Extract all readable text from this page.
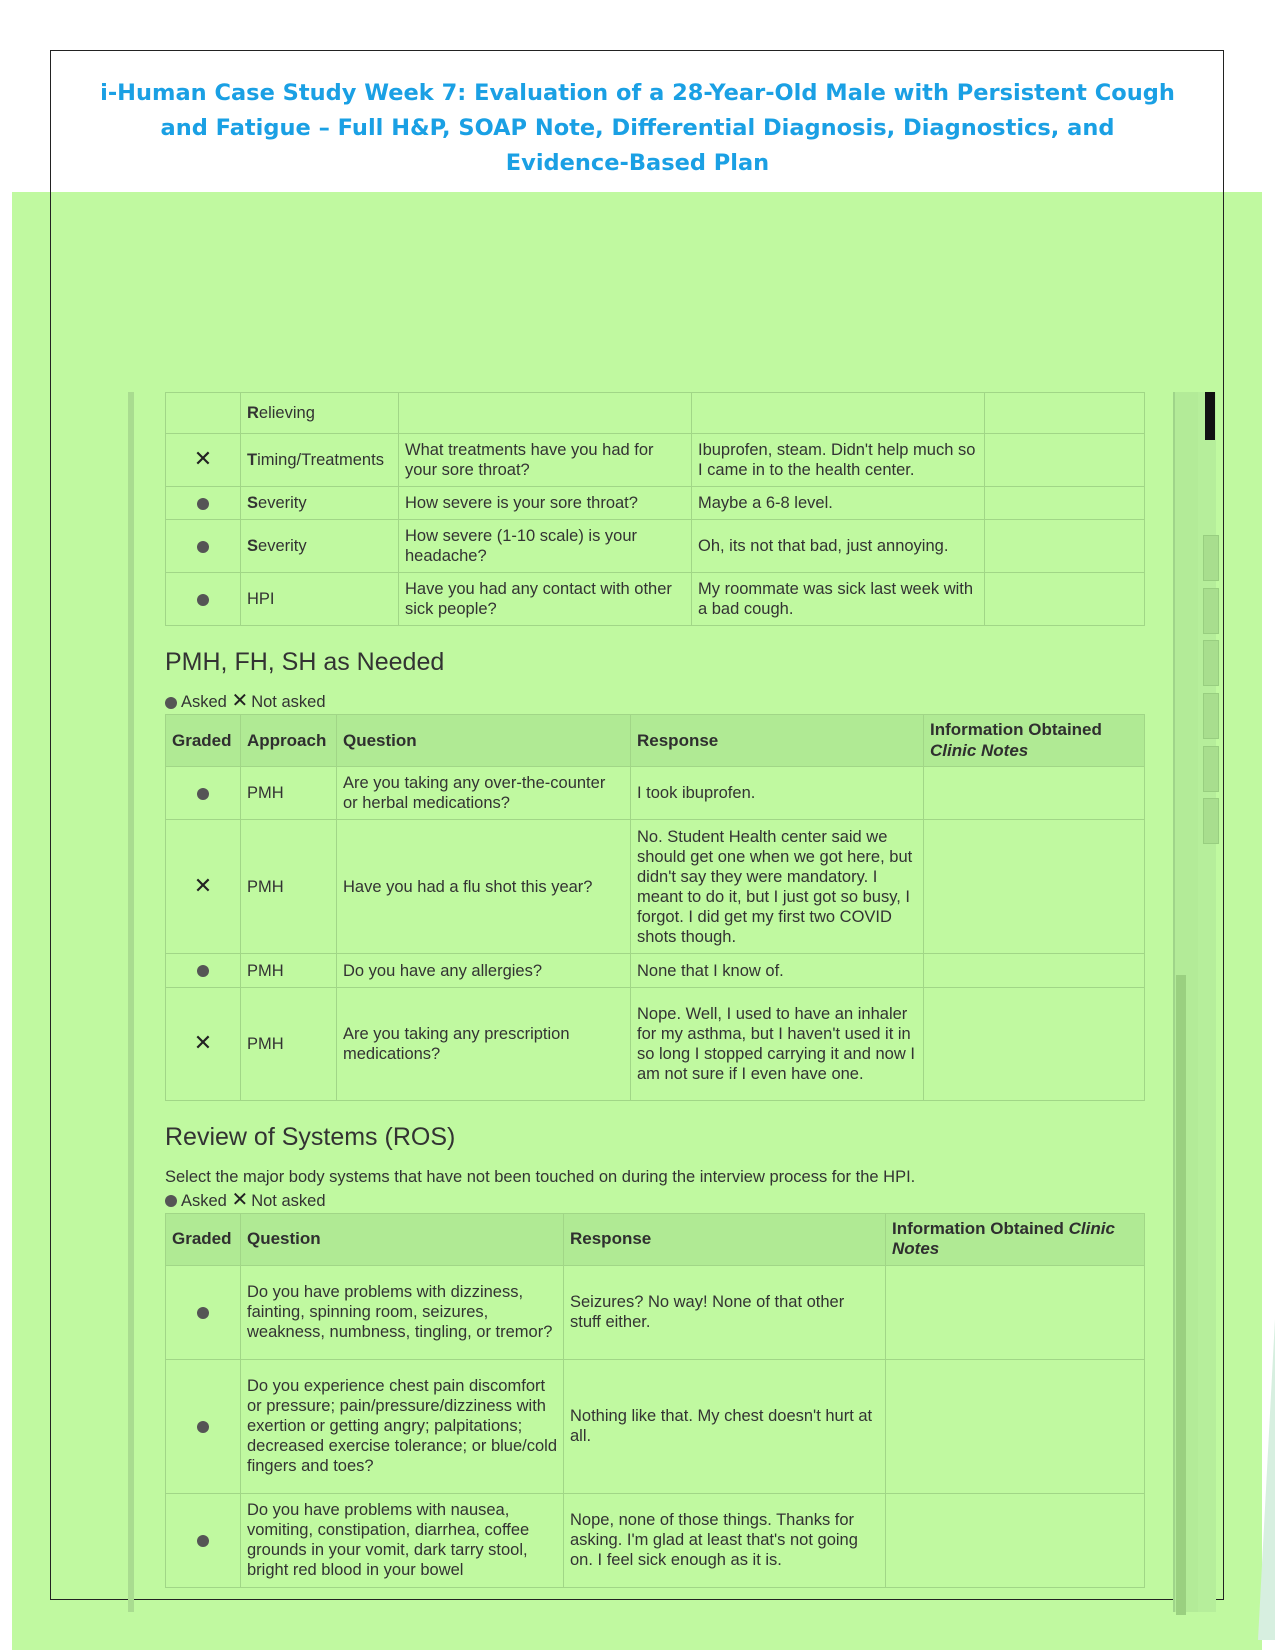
i-Human Case Study Week 7: Evaluation of a 28-Year-Old Male with Persistent Cough and Fatigue – Full H&P, SOAP Note, Differential Diagnosis, Diagnostics, and Evidence-Based Plan
	Relieving			
✕	Timing/Treatments	What treatments have you had for your sore throat?	Ibuprofen, steam. Didn't help much so I came in to the health center.	
	Severity	How severe is your sore throat?	Maybe a 6-8 level.	
	Severity	How severe (1-10 scale) is your headache?	Oh, its not that bad, just annoying.	
	HPI	Have you had any contact with other sick people?	My roommate was sick last week with a bad cough.	
PMH, FH, SH as Needed

Asked ✕ Not asked

Graded	Approach	Question	Response	Information Obtained
Clinic Notes
	PMH	Are you taking any over-the-counter or herbal medications?	I took ibuprofen.	
✕	PMH	Have you had a flu shot this year?	No. Student Health center said we should get one when we got here, but didn't say they were mandatory. I meant to do it, but I just got so busy, I forgot. I did get my first two COVID shots though.	
	PMH	Do you have any allergies?	None that I know of.	
✕	PMH	Are you taking any prescription medications?	Nope. Well, I used to have an inhaler for my asthma, but I haven't used it in so long I stopped carrying it and now I am not sure if I even have one.	
Review of Systems (ROS)

Select the major body systems that have not been touched on during the interview process for the HPI.

Asked ✕ Not asked

Graded	Question	Response	Information Obtained Clinic
Notes
	Do you have problems with dizziness, fainting, spinning room, seizures, weakness, numbness, tingling, or tremor?	Seizures? No way! None of that other stuff either.	
	Do you experience chest pain discomfort or pressure; pain/pressure/dizziness with exertion or getting angry; palpitations; decreased exercise tolerance; or blue/cold fingers and toes?	Nothing like that. My chest doesn't hurt at all.	
	Do you have problems with nausea, vomiting, constipation, diarrhea, coffee grounds in your vomit, dark tarry stool, bright red blood in your bowel	Nope, none of those things. Thanks for asking. I'm glad at least that's not going on. I feel sick enough as it is.	
